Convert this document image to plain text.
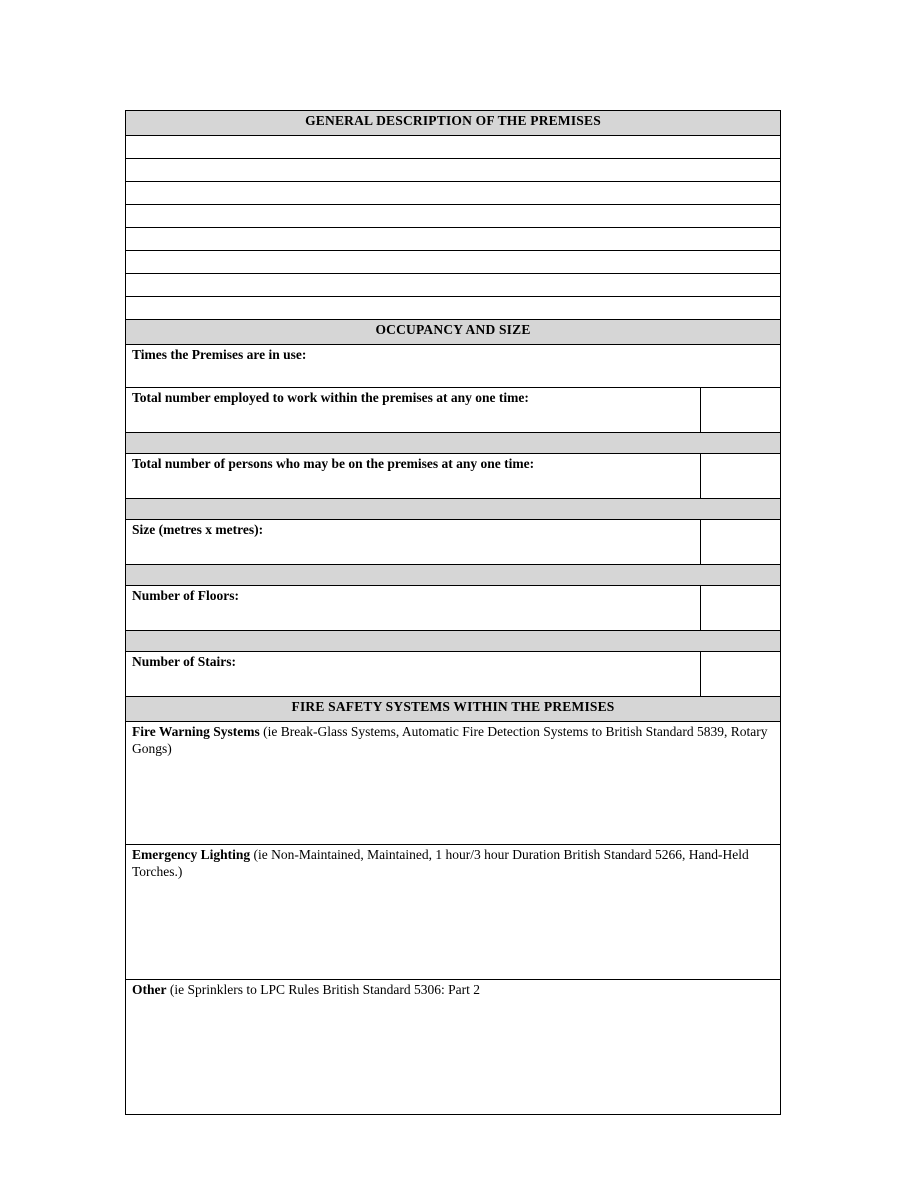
GENERAL DESCRIPTION OF THE PREMISES	

OCCUPANCY AND SIZE	
Times the Premises are in use:	
Total number employed to work within the premises at any one time:	

Total number of persons who may be on the premises at any one time:	

Size (metres x metres):	

Number of Floors:	

Number of Stairs:	
FIRE SAFETY SYSTEMS WITHIN THE PREMISES	
Fire Warning Systems (ie Break-Glass Systems, Automatic Fire Detection Systems to British Standard 5839, Rotary Gongs)	
Emergency Lighting (ie Non-Maintained, Maintained, 1 hour/3 hour Duration British Standard 5266, Hand-Held Torches.)	
Other (ie Sprinklers to LPC Rules British Standard 5306: Part 2	
